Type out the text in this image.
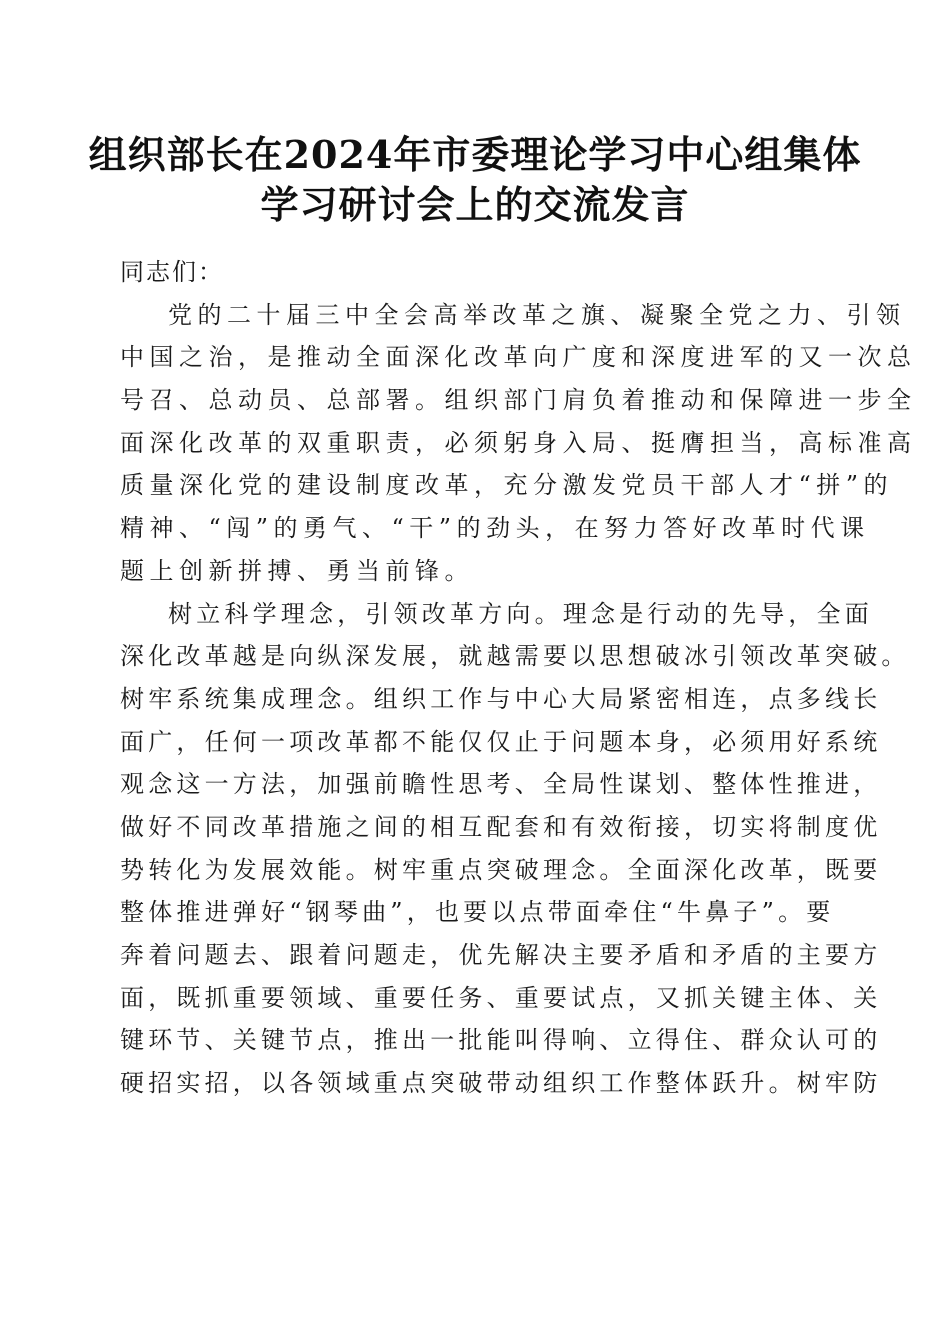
组织部长在2024年市委理论学习中心组集体
学习研讨会上的交流发言
同志们：
党的二十届三中全会高举改革之旗、凝聚全党之力、引领
中国之治，是推动全面深化改革向广度和深度进军的又一次总
号召、总动员、总部署。组织部门肩负着推动和保障进一步全
面深化改革的双重职责，必须躬身入局、挺膺担当，高标准高
质量深化党的建设制度改革，充分激发党员干部人才“拼”的
精神、“闯”的勇气、“干”的劲头，在努力答好改革时代课
题上创新拼搏、勇当前锋。
树立科学理念，引领改革方向。理念是行动的先导，全面
深化改革越是向纵深发展，就越需要以思想破冰引领改革突破。
树牢系统集成理念。组织工作与中心大局紧密相连，点多线长
面广，任何一项改革都不能仅仅止于问题本身，必须用好系统
观念这一方法，加强前瞻性思考、全局性谋划、整体性推进，
做好不同改革措施之间的相互配套和有效衔接，切实将制度优
势转化为发展效能。树牢重点突破理念。全面深化改革，既要
整体推进弹好“钢琴曲”，也要以点带面牵住“牛鼻子”。要
奔着问题去、跟着问题走，优先解决主要矛盾和矛盾的主要方
面，既抓重要领域、重要任务、重要试点，又抓关键主体、关
键环节、关键节点，推出一批能叫得响、立得住、群众认可的
硬招实招，以各领域重点突破带动组织工作整体跃升。树牢防
